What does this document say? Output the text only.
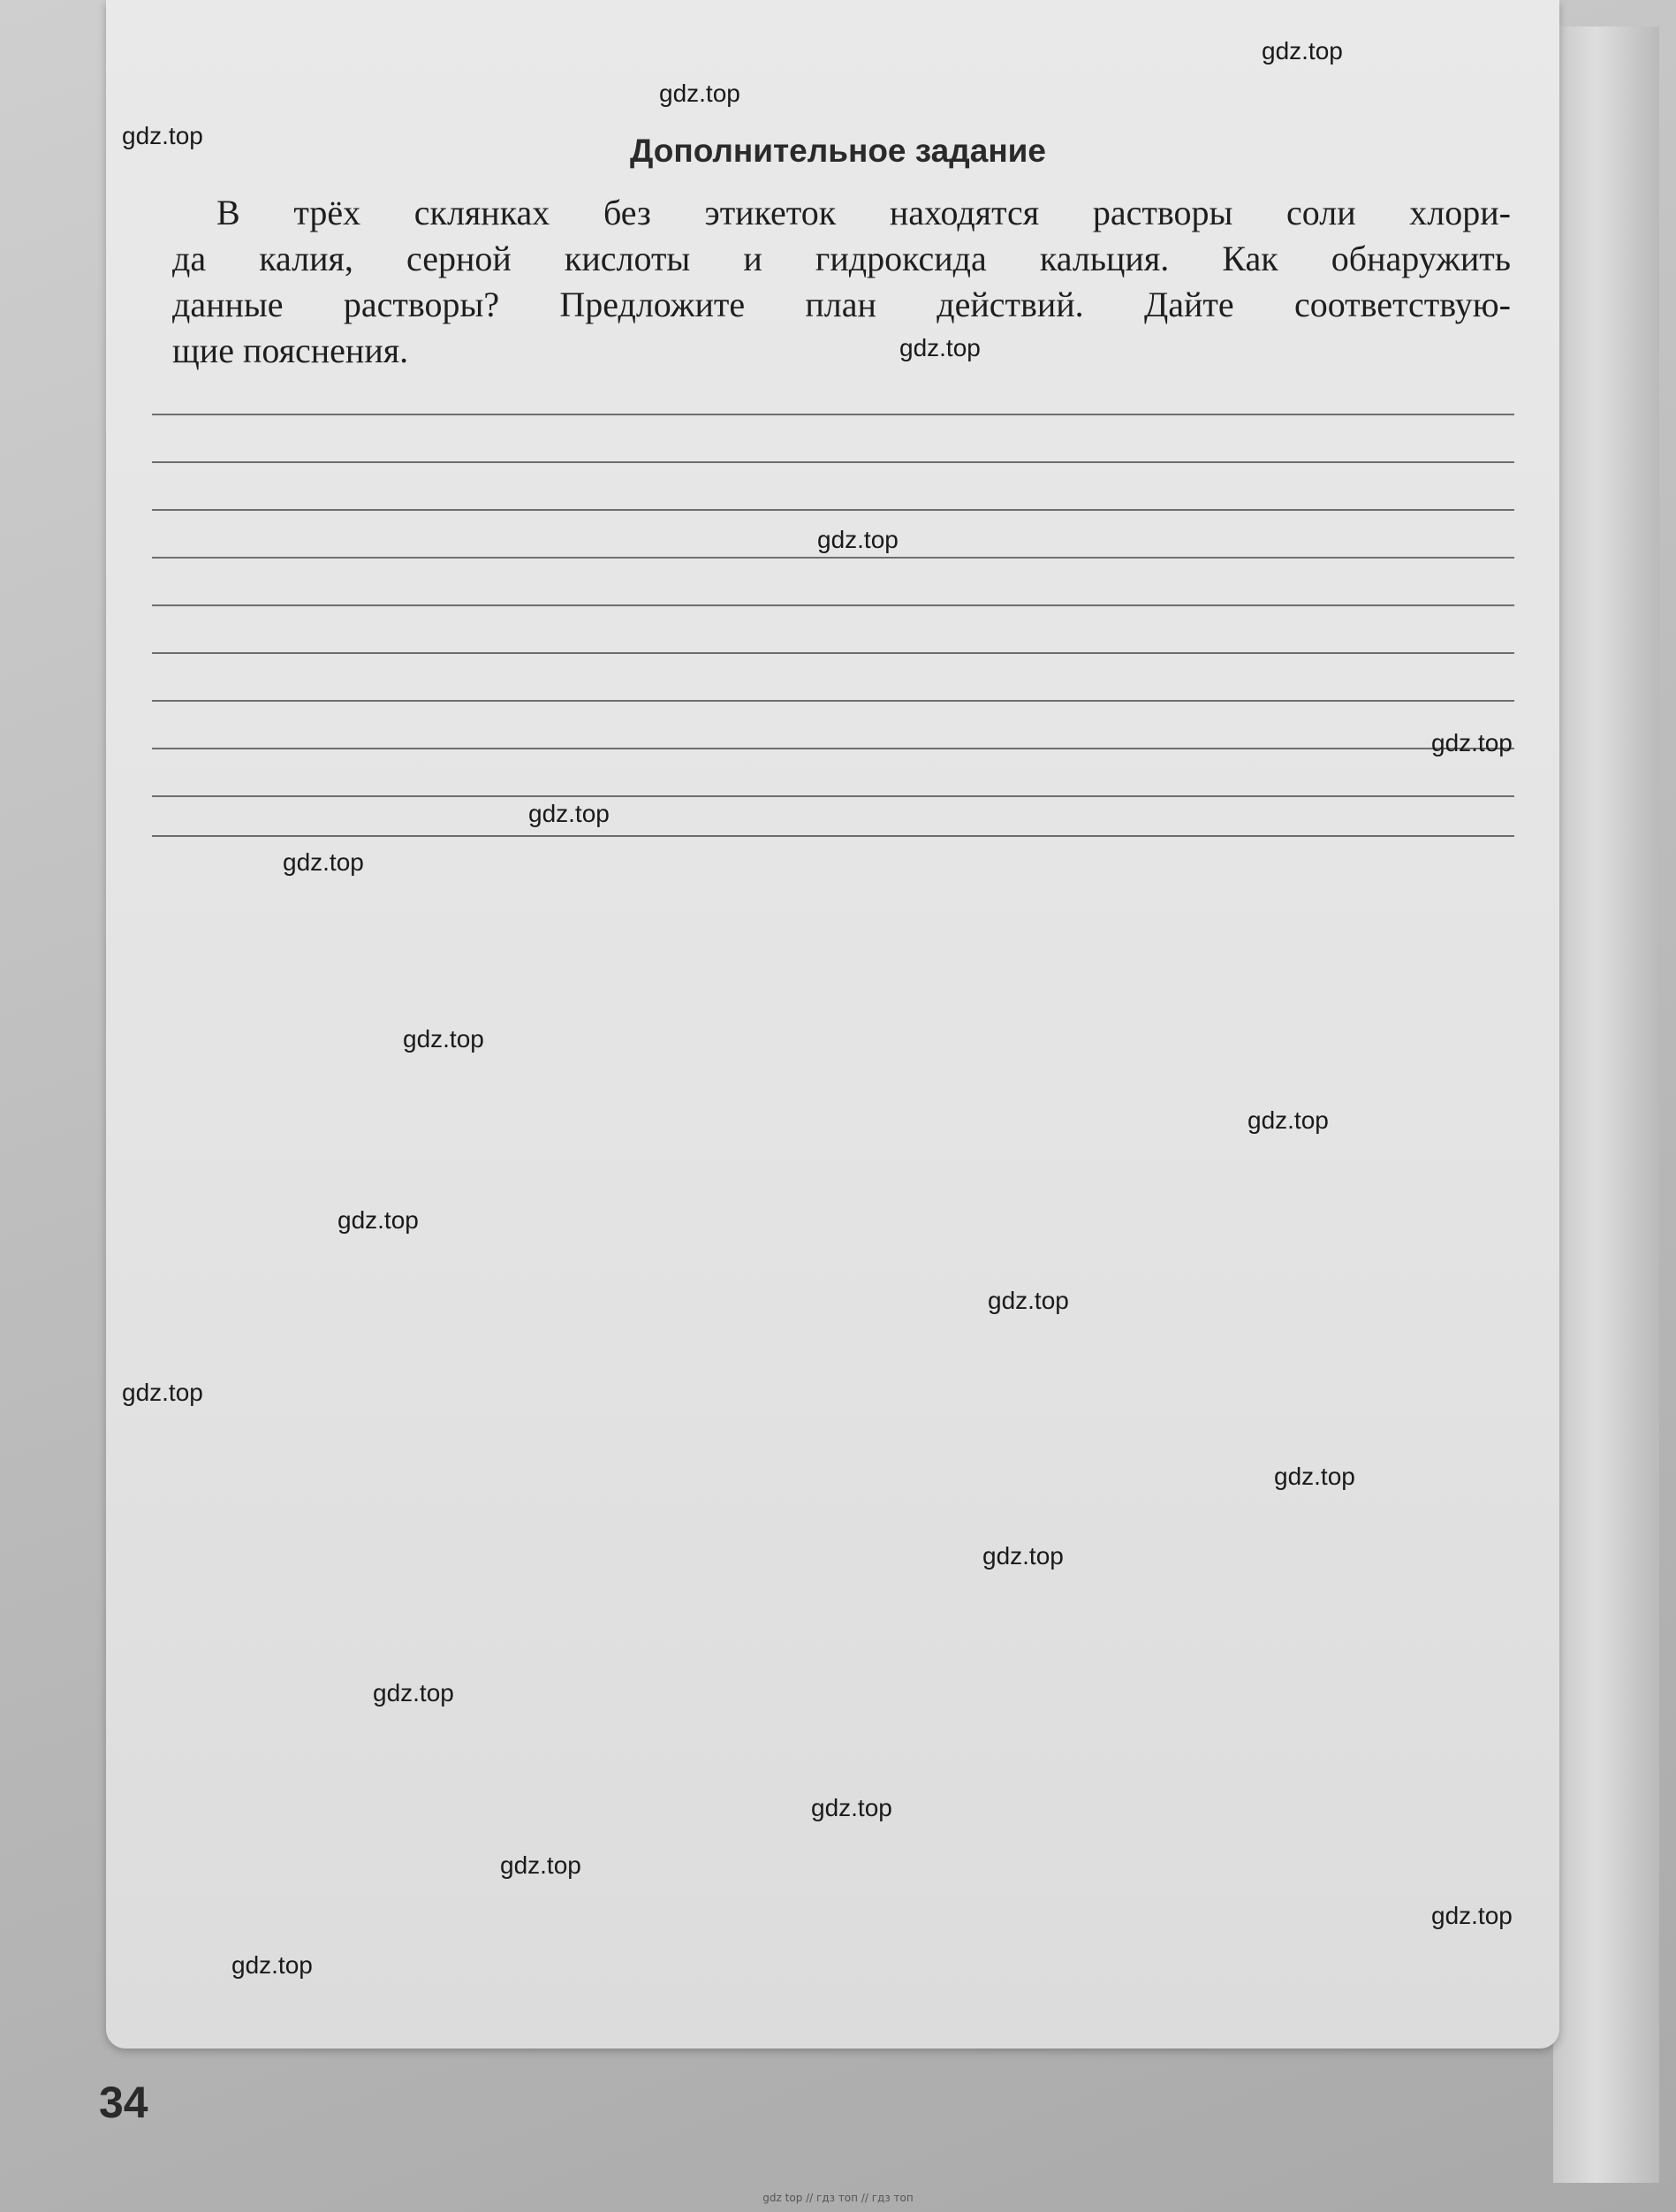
Дополнительное задание

В трёх склянках без этикеток находятся растворы соли хлори-
да калия, серной кислоты и гидроксида кальция. Как обнаружить
данные растворы? Предложите план действий. Дайте соответствую-
щие пояснения.

34
gdz.top
gdz.top
gdz.top
gdz.top
gdz.top
gdz.top
gdz.top
gdz.top
gdz.top
gdz.top
gdz.top
gdz.top
gdz.top
gdz.top
gdz.top
gdz.top
gdz.top
gdz.top
gdz.top
gdz.top
gdz top // гдз топ // гдз топ
